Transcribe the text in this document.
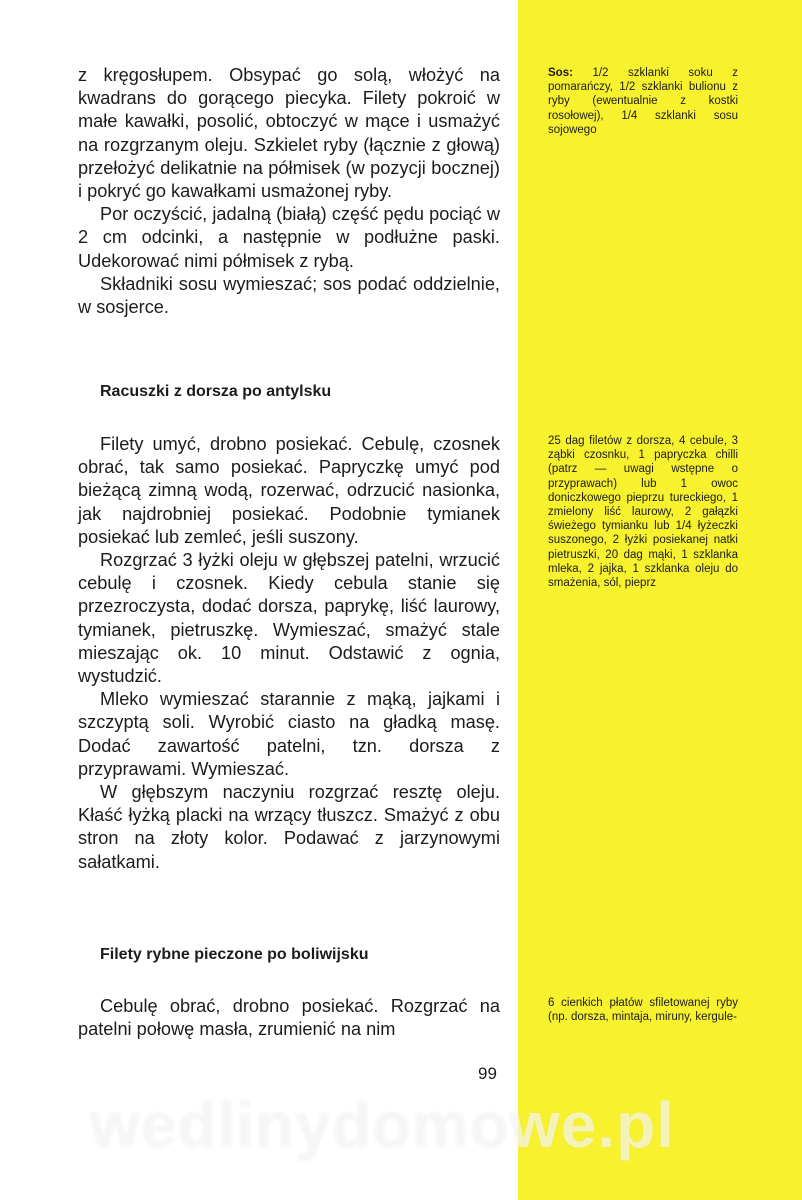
z kręgosłupem. Obsypać go solą, włożyć na kwadrans do gorącego piecyka. Filety pokroić w małe kawałki, posolić, obtoczyć w mące i usmażyć na rozgrzanym oleju. Szkielet ryby (łącznie z głową) przełożyć delikatnie na półmisek (w pozycji bocznej) i pokryć go kawałkami usmażonej ryby.

Por oczyścić, jadalną (białą) część pędu pociąć w 2 cm odcinki, a następnie w podłużne paski. Udekorować nimi półmisek z rybą.

Składniki sosu wymieszać; sos podać oddzielnie, w sosjerce.

Sos: 1/2 szklanki soku z pomarańczy, 1/2 szklanki bulionu z ryby (ewentualnie z kostki rosołowej), 1/4 szklanki sosu sojowego

Racuszki z dorsza po antylsku

Filety umyć, drobno posiekać. Cebulę, czosnek obrać, tak samo posiekać. Papryczkę umyć pod bieżącą zimną wodą, rozerwać, odrzucić nasionka, jak najdrobniej posiekać. Podobnie tymianek posiekać lub zemleć, jeśli suszony.

Rozgrzać 3 łyżki oleju w głębszej patelni, wrzucić cebulę i czosnek. Kiedy cebula stanie się przezroczysta, dodać dorsza, paprykę, liść laurowy, tymianek, pietruszkę. Wymieszać, smażyć stale mieszając ok. 10 minut. Odstawić z ognia, wystudzić.

Mleko wymieszać starannie z mąką, jajkami i szczyptą soli. Wyrobić ciasto na gładką masę. Dodać zawartość patelni, tzn. dorsza z przyprawami. Wymieszać.

W głębszym naczyniu rozgrzać resztę oleju. Kłaść łyżką placki na wrzący tłuszcz. Smażyć z obu stron na złoty kolor. Podawać z jarzynowymi sałatkami.

25 dag filetów z dorsza, 4 cebule, 3 ząbki czosnku, 1 papryczka chilli (patrz — uwagi wstępne o przyprawach) lub 1 owoc doniczkowego pieprzu tureckiego, 1 zmielony liść laurowy, 2 gałązki świeżego tymianku lub 1/4 łyżeczki suszonego, 2 łyżki posiekanej natki pietruszki, 20 dag mąki, 1 szklanka mleka, 2 jajka, 1 szklanka oleju do smażenia, sól, pieprz

Filety rybne pieczone po boliwijsku

Cebulę obrać, drobno posiekać. Rozgrzać na patelni połowę masła, zrumienić na nim

6 cienkich płatów sfiletowanej ryby (np. dorsza, mintaja, miruny, kergule-

99

wedlinydomowe.pl
